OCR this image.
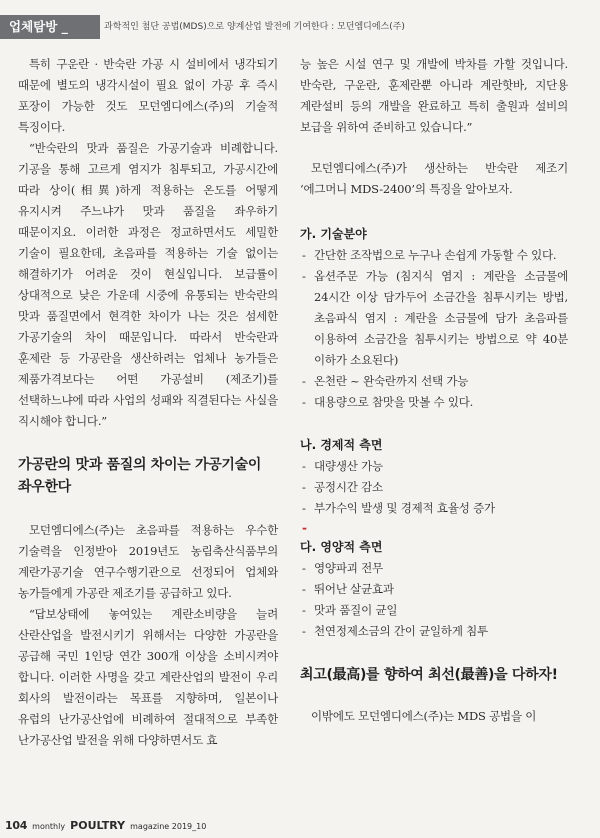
업체탐방 _	과학적인 첨단 공법(MDS)으로 양계산업 발전에 기여한다 : 모던엠디에스(주)

특히 구운란 · 반숙란 가공 시 설비에서 냉각되기 때문에 별도의 냉각시설이 필요 없이 가공 후 즉시 포장이 가능한 것도 모던엠디에스(주)의 기술적 특징이다.

“반숙란의 맛과 품질은 가공기술과 비례합니다. 기공을 통해 고르게 염지가 침투되고, 가공시간에 따라 상이(相異)하게 적용하는 온도를 어떻게 유지시켜 주느냐가 맛과 품질을 좌우하기 때문이지요. 이러한 과정은 정교하면서도 세밀한 기술이 필요한데, 초음파를 적용하는 기술 없이는 해결하기가 어려운 것이 현실입니다. 보급률이 상대적으로 낮은 가운데 시중에 유통되는 반숙란의 맛과 품질면에서 현격한 차이가 나는 것은 섬세한 가공기술의 차이 때문입니다. 따라서 반숙란과 훈제란 등 가공란을 생산하려는 업체나 농가들은 제품가격보다는 어떤 가공설비 (제조기)를 선택하느냐에 따라 사업의 성패와 직결된다는 사실을 직시해야 합니다.”

가공란의 맛과 품질의 차이는 가공기술이 좌우한다

모던엠디에스(주)는 초음파를 적용하는 우수한 기술력을 인정받아 2019년도 농림축산식품부의 계란가공기술 연구수행기관으로 선정되어 업체와 농가들에게 가공란 제조기를 공급하고 있다.

“답보상태에 놓여있는 계란소비량을 늘려 산란산업을 발전시키기 위해서는 다양한 가공란을 공급해 국민 1인당 연간 300개 이상을 소비시켜야 합니다. 이러한 사명을 갖고 계란산업의 발전이 우리 회사의 발전이라는 목표를 지향하며, 일본이나 유럽의 난가공산업에 비례하여 절대적으로 부족한 난가공산업 발전을 위해 다양하면서도 효

능 높은 시설 연구 및 개발에 박차를 가할 것입니다. 반숙란, 구운란, 훈제란뿐 아니라 계란핫바, 지단용 계란설비 등의 개발을 완료하고 특히 출원과 설비의 보급을 위하여 준비하고 있습니다.”

모던엠디에스(주)가 생산하는 반숙란 제조기 ‘에그머니 MDS-2400’의 특징을 알아보자.

가. 기술분야
- 간단한 조작법으로 누구나 손쉽게 가동할 수 있다.
- 옵션주문 가능 (침지식 염지 : 계란을 소금물에 24시간 이상 담가두어 소금간을 침투시키는 방법, 초음파식 염지 : 계란을 소금물에 담가 초음파를 이용하여 소금간을 침투시키는 방법으로 약 40분 이하가 소요된다)
- 온천란 ~ 완숙란까지 선택 가능
- 대용량으로 참맛을 맛볼 수 있다.
나. 경제적 측면
- 대량생산 가능
- 공정시간 감소
- 부가수익 발생 및 경제적 효율성 증가
-
다. 영양적 측면
- 영양파괴 전무
- 뛰어난 살균효과
- 맛과 품질이 균일
- 천연정제소금의 간이 균일하게 침투
최고(最高)를 향하여 최선(最善)을 다하자!

이밖에도 모던엠디에스(주)는 MDS 공법을 이

104 monthly POULTRY magazine 2019_10
